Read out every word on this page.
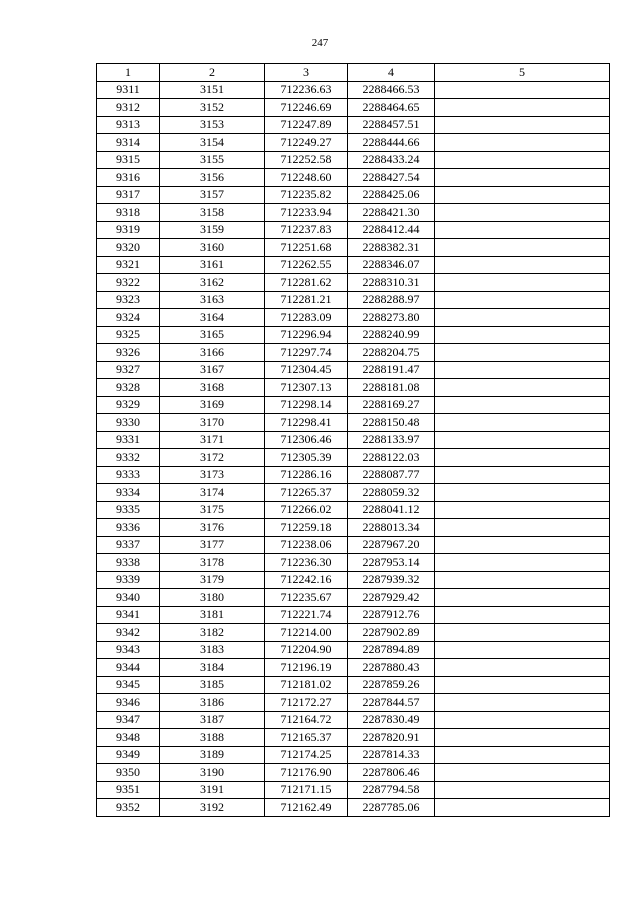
247
1	2	3	4	5
9311	3151	712236.63	2288466.53	
9312	3152	712246.69	2288464.65	
9313	3153	712247.89	2288457.51	
9314	3154	712249.27	2288444.66	
9315	3155	712252.58	2288433.24	
9316	3156	712248.60	2288427.54	
9317	3157	712235.82	2288425.06	
9318	3158	712233.94	2288421.30	
9319	3159	712237.83	2288412.44	
9320	3160	712251.68	2288382.31	
9321	3161	712262.55	2288346.07	
9322	3162	712281.62	2288310.31	
9323	3163	712281.21	2288288.97	
9324	3164	712283.09	2288273.80	
9325	3165	712296.94	2288240.99	
9326	3166	712297.74	2288204.75	
9327	3167	712304.45	2288191.47	
9328	3168	712307.13	2288181.08	
9329	3169	712298.14	2288169.27	
9330	3170	712298.41	2288150.48	
9331	3171	712306.46	2288133.97	
9332	3172	712305.39	2288122.03	
9333	3173	712286.16	2288087.77	
9334	3174	712265.37	2288059.32	
9335	3175	712266.02	2288041.12	
9336	3176	712259.18	2288013.34	
9337	3177	712238.06	2287967.20	
9338	3178	712236.30	2287953.14	
9339	3179	712242.16	2287939.32	
9340	3180	712235.67	2287929.42	
9341	3181	712221.74	2287912.76	
9342	3182	712214.00	2287902.89	
9343	3183	712204.90	2287894.89	
9344	3184	712196.19	2287880.43	
9345	3185	712181.02	2287859.26	
9346	3186	712172.27	2287844.57	
9347	3187	712164.72	2287830.49	
9348	3188	712165.37	2287820.91	
9349	3189	712174.25	2287814.33	
9350	3190	712176.90	2287806.46	
9351	3191	712171.15	2287794.58	
9352	3192	712162.49	2287785.06	
